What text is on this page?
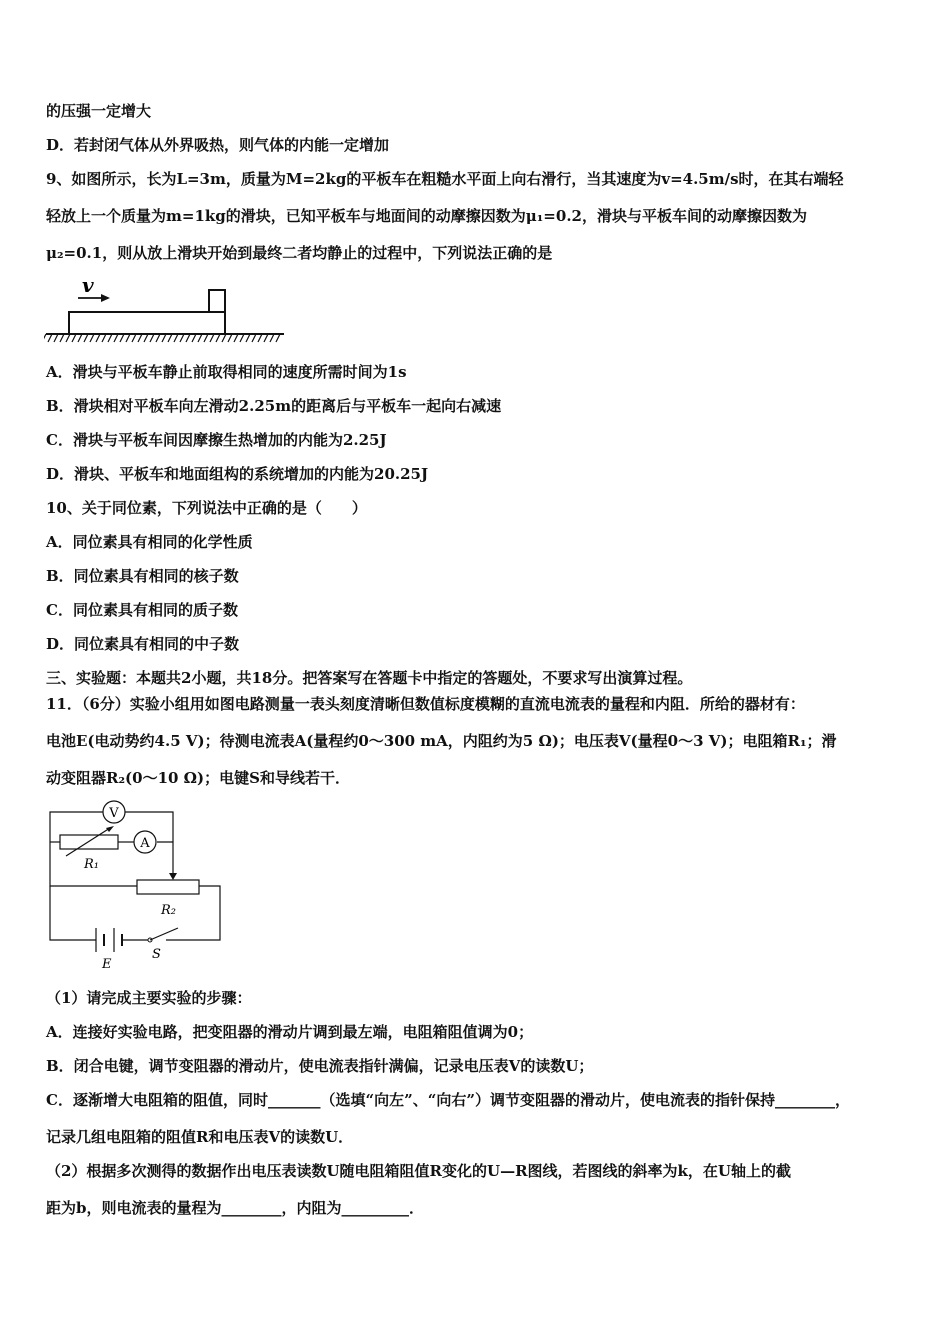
的压强一定增大
D．若封闭气体从外界吸热，则气体的内能一定增加
9、如图所示，长为L=3m，质量为M=2kg的平板车在粗糙水平面上向右滑行，当其速度为v=4.5m/s时，在其右端轻
轻放上一个质量为m=1kg的滑块，已知平板车与地面间的动摩擦因数为μ₁=0.2，滑块与平板车间的动摩擦因数为
μ₂=0.1，则从放上滑块开始到最终二者均静止的过程中，下列说法正确的是
v
A．滑块与平板车静止前取得相同的速度所需时间为1s
B．滑块相对平板车向左滑动2.25m的距离后与平板车一起向右减速
C．滑块与平板车间因摩擦生热增加的内能为2.25J
D．滑块、平板车和地面组构的系统增加的内能为20.25J
10、关于同位素，下列说法中正确的是（　　）
A．同位素具有相同的化学性质
B．同位素具有相同的核子数
C．同位素具有相同的质子数
D．同位素具有相同的中子数
三、实验题：本题共2小题，共18分。把答案写在答题卡中指定的答题处，不要求写出演算过程。
11．（6分）实验小组用如图电路测量一表头刻度清晰但数值标度模糊的直流电流表的量程和内阻．所给的器材有：
电池E(电动势约4.5 V)；待测电流表A(量程约0～300 mA，内阻约为5 Ω)；电压表V(量程0～3 V)；电阻箱R₁；滑
动变阻器R₂(0～10 Ω)；电键S和导线若干．
V
R₁
A
R₂
E
S
（1）请完成主要实验的步骤：
A．连接好实验电路，把变阻器的滑动片调到最左端，电阻箱阻值调为0；
B．闭合电键，调节变阻器的滑动片，使电流表指针满偏，记录电压表V的读数U；
C．逐渐增大电阻箱的阻值，同时_______（选填“向左”、“向右”）调节变阻器的滑动片，使电流表的指针保持________，
记录几组电阻箱的阻值R和电压表V的读数U．
（2）根据多次测得的数据作出电压表读数U随电阻箱阻值R变化的U—R图线，若图线的斜率为k，在U轴上的截
距为b，则电流表的量程为________，内阻为_________．
